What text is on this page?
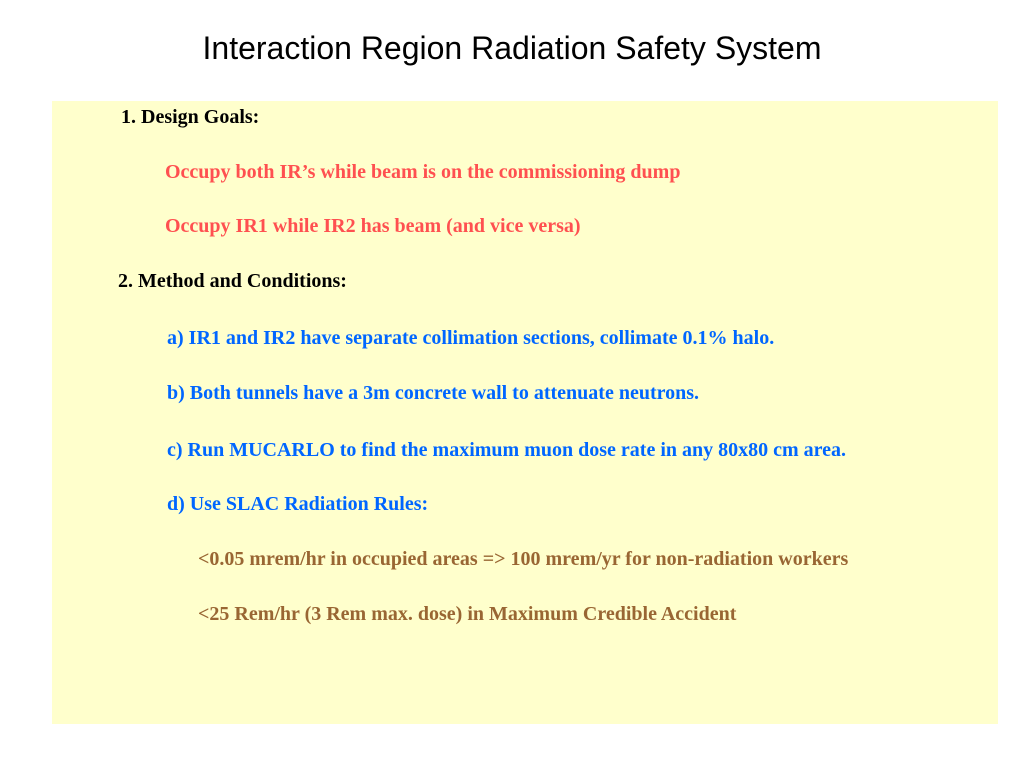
Interaction Region Radiation Safety System
1. Design Goals:
Occupy both IR’s while beam is on the commissioning dump
Occupy IR1 while IR2 has beam (and vice versa)
2. Method and Conditions:
a) IR1 and IR2 have separate collimation sections, collimate 0.1% halo.
b) Both tunnels have a 3m concrete wall to attenuate neutrons.
c) Run MUCARLO to find the maximum muon dose rate in any 80x80 cm area.
d) Use SLAC Radiation Rules:
<0.05 mrem/hr in occupied areas => 100 mrem/yr for non-radiation workers
<25 Rem/hr (3 Rem max. dose) in Maximum Credible Accident
